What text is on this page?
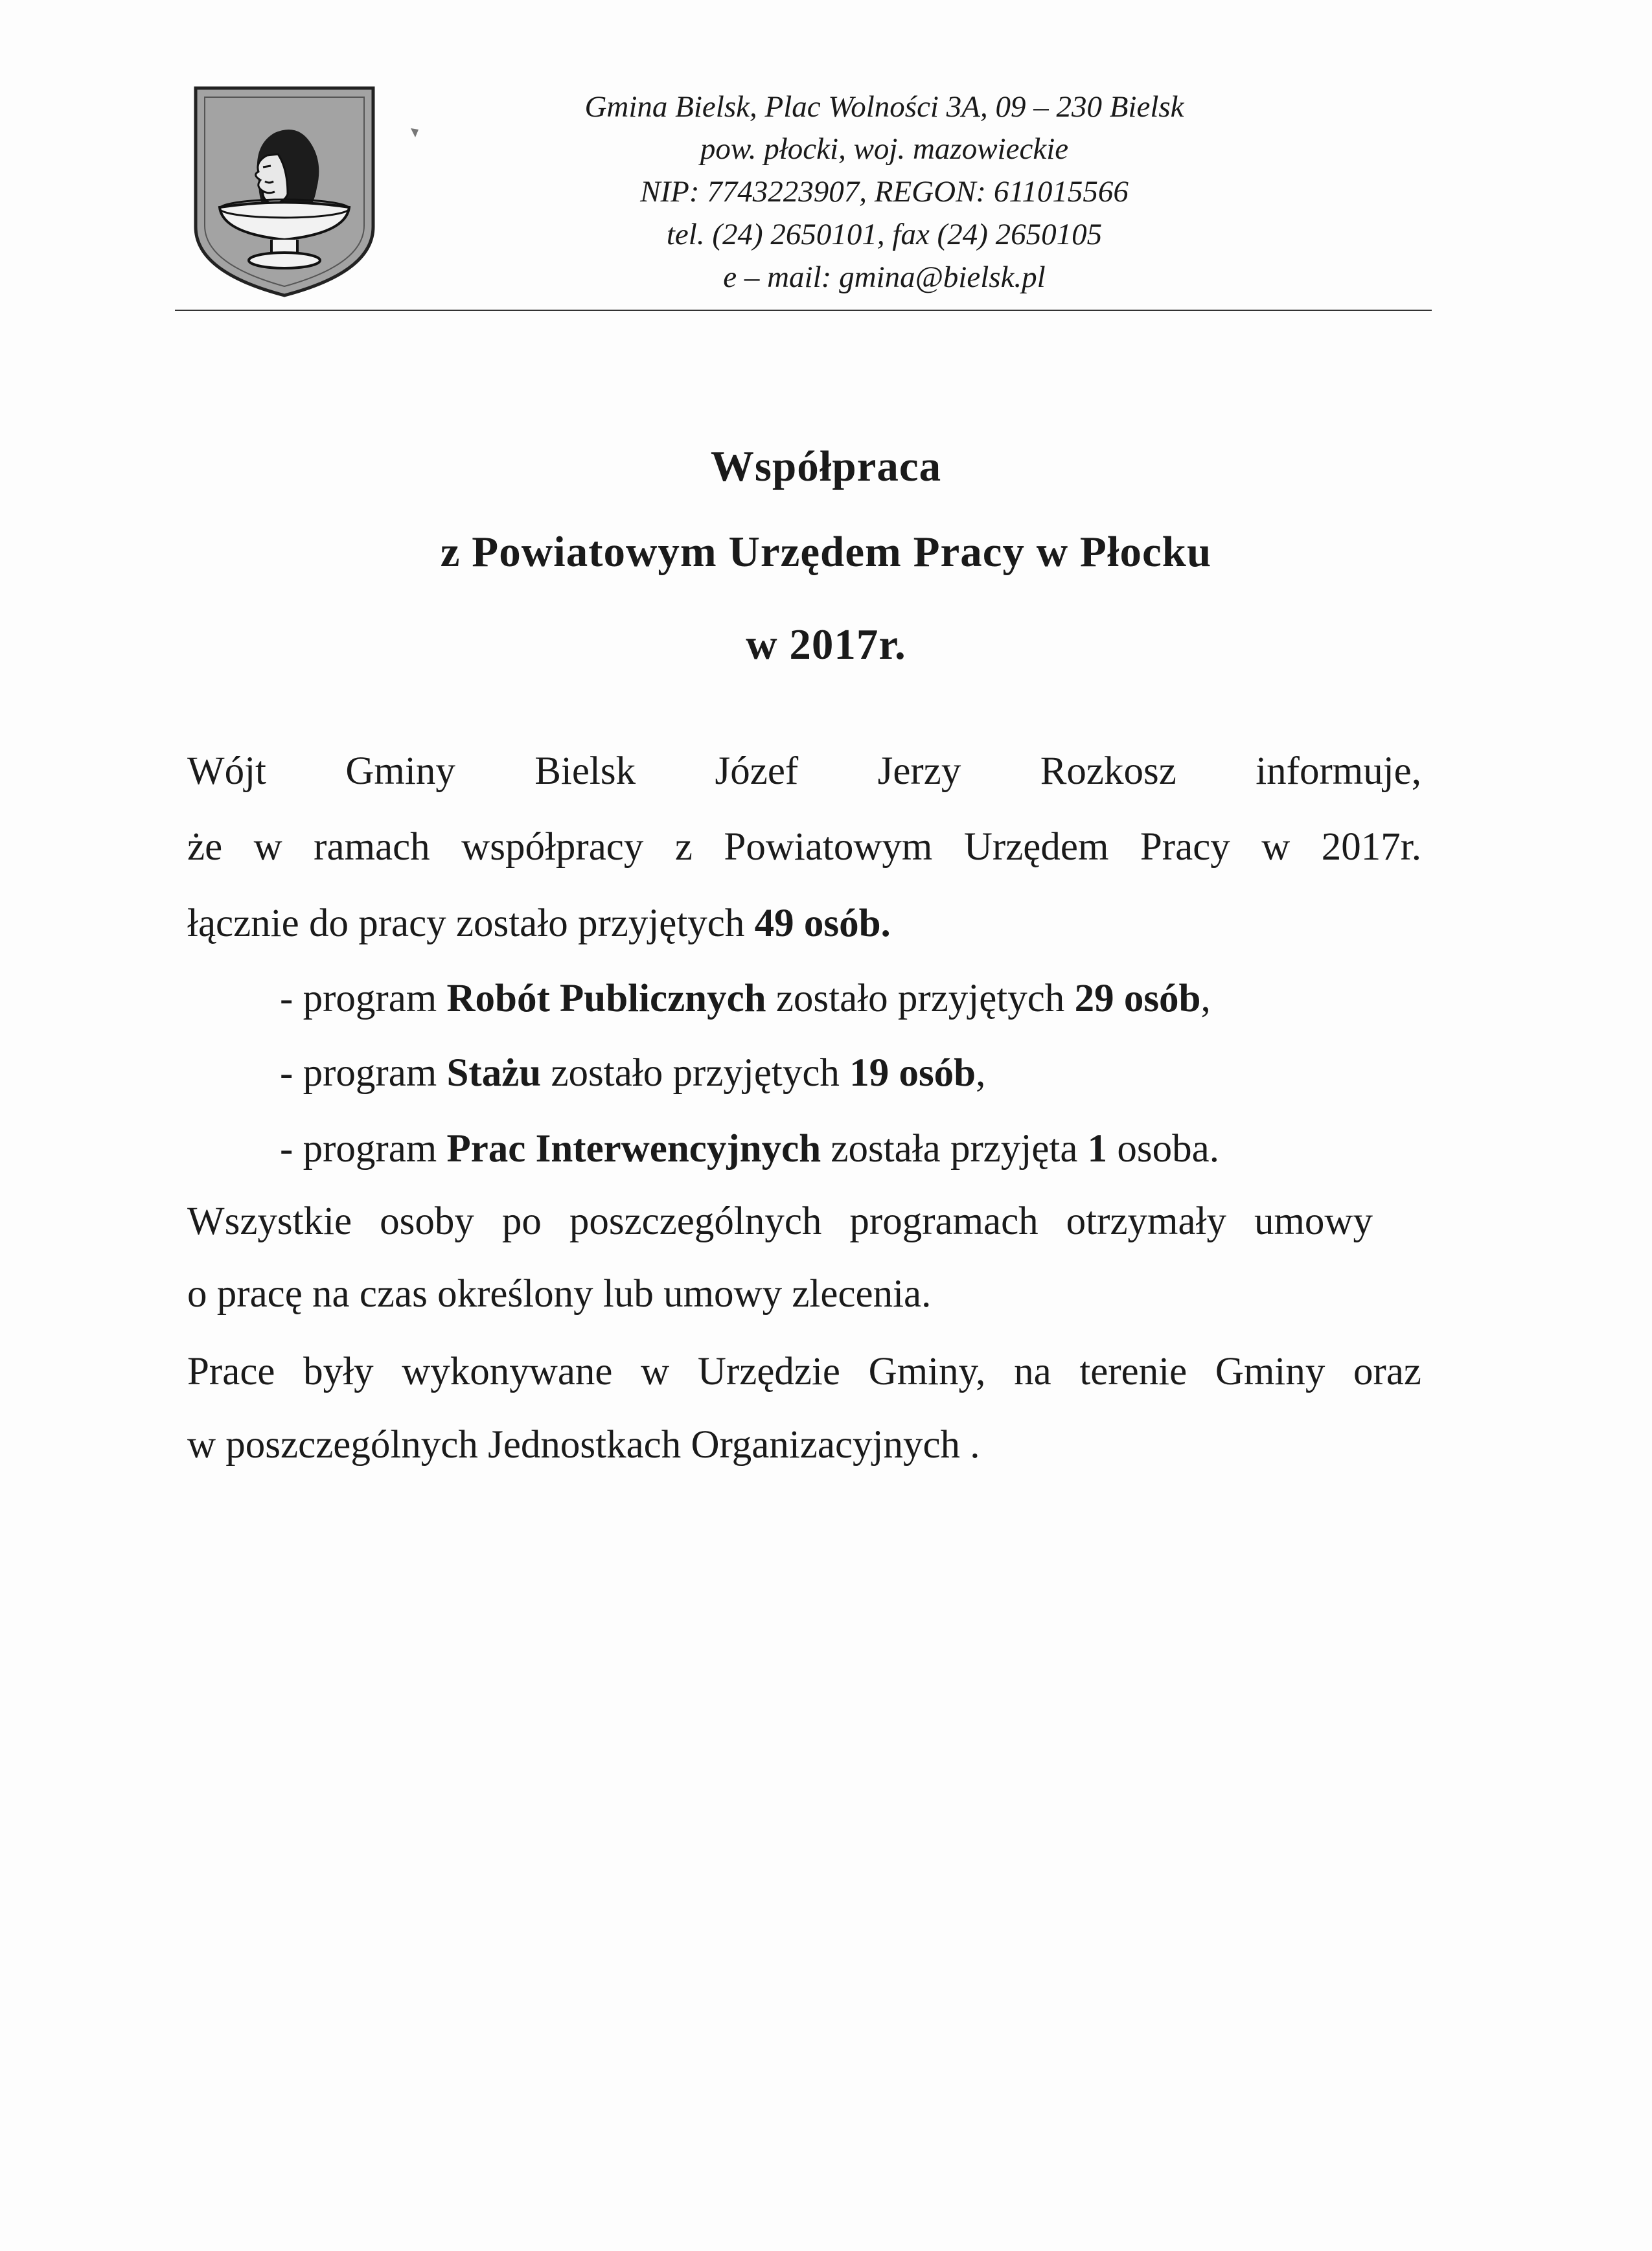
Gmina Bielsk, Plac Wolności 3A, 09 – 230 Bielsk
pow. płocki, woj. mazowieckie
NIP: 7743223907, REGON: 611015566
tel. (24) 2650101, fax (24) 2650105
e – mail: gmina@bielsk.pl
Współpraca
z Powiatowym Urzędem Pracy w Płocku
w 2017r.
Wójt Gminy Bielsk Józef Jerzy Rozkosz informuje,
że w ramach współpracy z Powiatowym Urzędem Pracy w 2017r.
łącznie do pracy zostało przyjętych 49 osób.
- program Robót Publicznych zostało przyjętych 29 osób,
- program Stażu zostało przyjętych 19 osób,
- program Prac Interwencyjnych została przyjęta 1 osoba.
Wszystkie osoby po poszczególnych programach otrzymały umowy
o pracę na czas określony lub umowy zlecenia.
Prace były wykonywane w Urzędzie Gminy, na terenie Gminy oraz
w poszczególnych Jednostkach Organizacyjnych .
